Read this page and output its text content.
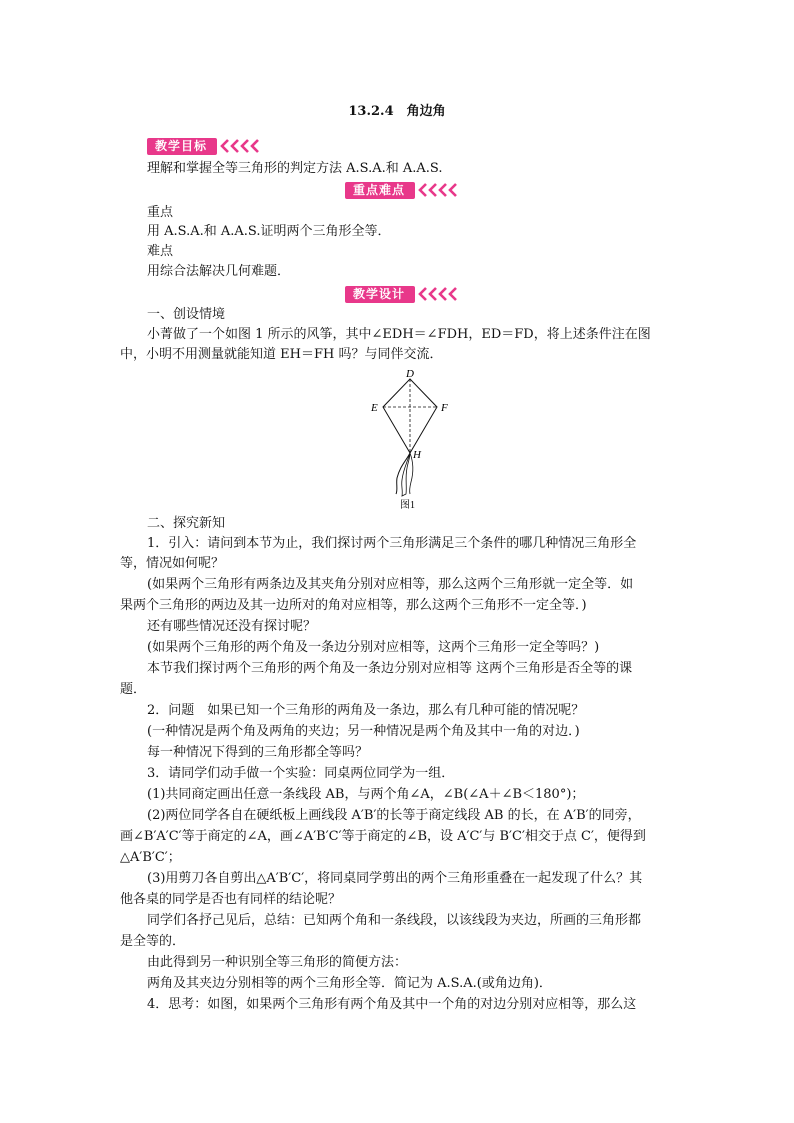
13.2.4　角边角
教学目标
理解和掌握全等三角形的判定方法 A.S.A.和 A.A.S.
重点难点
重点
用 A.S.A.和 A.A.S.证明两个三角形全等．
难点
用综合法解决几何难题．
教学设计
一、创设情境
小菁做了一个如图 1 所示的风筝，其中∠EDH＝∠FDH，ED＝FD，将上述条件注在图
中，小明不用测量就能知道 EH＝FH 吗？与同伴交流．
D
E	F
H
图1
二、探究新知
1．引入：请问到本节为止，我们探讨两个三角形满足三个条件的哪几种情况三角形全
等，情况如何呢？
(如果两个三角形有两条边及其夹角分别对应相等，那么这两个三角形就一定全等．如
果两个三角形的两边及其一边所对的角对应相等，那么这两个三角形不一定全等．)
还有哪些情况还没有探讨呢？
(如果两个三角形的两个角及一条边分别对应相等，这两个三角形一定全等吗？)
本节我们探讨两个三角形的两个角及一条边分别对应相等 这两个三角形是否全等的课
题．
2．问题　如果已知一个三角形的两角及一条边，那么有几种可能的情况呢？
(一种情况是两个角及两角的夹边；另一种情况是两个角及其中一角的对边．)
每一种情况下得到的三角形都全等吗？
3．请同学们动手做一个实验：同桌两位同学为一组．
(1)共同商定画出任意一条线段 AB，与两个角∠A，∠B(∠A＋∠B＜180°)；
(2)两位同学各自在硬纸板上画线段 A′B′的长等于商定线段 AB 的长，在 A′B′的同旁，
画∠B′A′C′等于商定的∠A，画∠A′B′C′等于商定的∠B，设 A′C′与 B′C′相交于点 C′，便得到
△A′B′C′；
(3)用剪刀各自剪出△A′B′C′，将同桌同学剪出的两个三角形重叠在一起发现了什么？其
他各桌的同学是否也有同样的结论呢？
同学们各抒己见后，总结：已知两个角和一条线段，以该线段为夹边，所画的三角形都
是全等的．
由此得到另一种识别全等三角形的简便方法：
两角及其夹边分别相等的两个三角形全等．简记为 A.S.A.(或角边角)．
4．思考：如图，如果两个三角形有两个角及其中一个角的对边分别对应相等，那么这
